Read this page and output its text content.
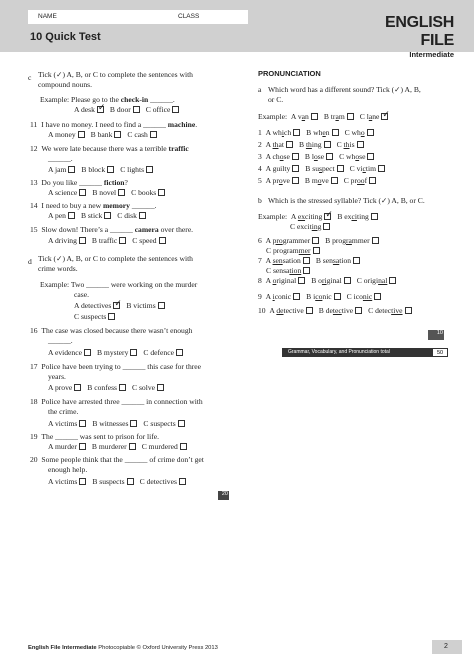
NAME	CLASS
10 Quick Test
ENGLISH FILE
Intermediate
c Tick (✓) A, B, or C to complete the sentences with
compound nouns.
Example: Please go to the check-in ______.
A desk ✓ B door C office
11 I have no money. I need to find a ______ machine.
A money B bank C cash
12 We were late because there was a terrible traffic
______.
A jam B block C lights
13 Do you like ______ fiction?
A science B novel C books
14 I need to buy a new memory ______.
A pen B stick C disk
15 Slow down! There’s a ______ camera over there.
A driving B traffic C speed
d Tick (✓) A, B, or C to complete the sentences with
crime words.
Example: Two ______ were working on the murder
case.
A detectives ✓ B victims
C suspects
16 The case was closed because there wasn’t enough
______.
A evidence B mystery C defence
17 Police have been trying to ______ this case for three
years.
A prove B confess C solve
18 Police have arrested three ______ in connection with
the crime.
A victims B witnesses C suspects
19 The ______ was sent to prison for life.
A murder B murderer C murdered
20 Some people think that the ______ of crime don’t get
enough help.
A victims B suspects C detectives
20
PRONUNCIATION
a Which word has a different sound? Tick (✓) A, B,
or C.
Example: A van B tram C lane✓
1 A which B when C who
2 A that B thing C this
3 A chose B lose C whose
4 A guilty B suspect C victim
5 A prove B move C proof
b Which is the stressed syllable? Tick (✓) A, B, or C.
Example: A exciting ✓ B exciting
C exciting
6 A programmer B programmer
C programmer
7 A sensation B sensation
C sensation
8 A original B original C original
9 A iconic B iconic C iconic
10 A detective B detective C detective
10
Grammar, Vocabulary, and Pronunciation total	50
English File Intermediate Photocopiable © Oxford University Press 2013	2
